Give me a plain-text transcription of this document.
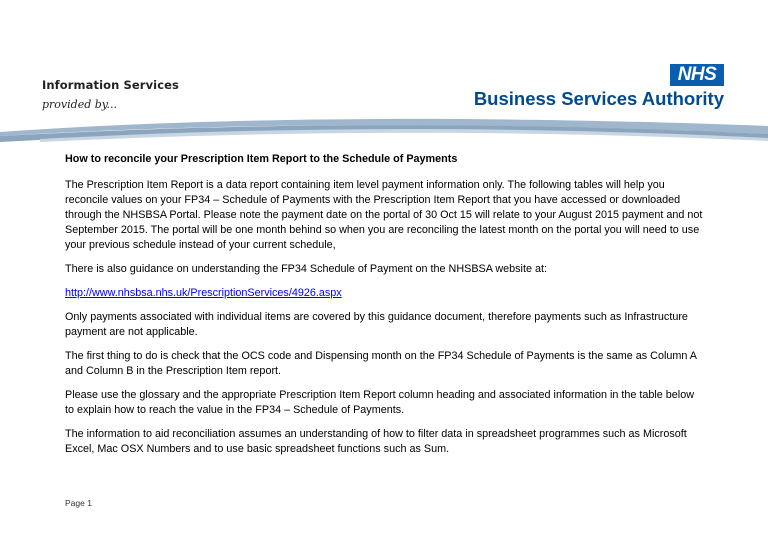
Information Services
provided by...
NHS
Business Services Authority

How to reconcile your Prescription Item Report to the Schedule of Payments

The Prescription Item Report is a data report containing item level payment information only. The following tables will help you reconcile values on your FP34 – Schedule of Payments with the Prescription Item Report that you have accessed or downloaded through the NHSBSA Portal. Please note the payment date on the portal of 30 Oct 15 will relate to your August 2015 payment and not September 2015. The portal will be one month behind so when you are reconciling the latest month on the portal you will need to use your previous schedule instead of your current schedule,

There is also guidance on understanding the FP34 Schedule of Payment on the NHSBSA website at:

http://www.nhsbsa.nhs.uk/PrescriptionServices/4926.aspx

Only payments associated with individual items are covered by this guidance document, therefore payments such as Infrastructure payment are not applicable.

The first thing to do is check that the OCS code and Dispensing month on the FP34 Schedule of Payments is the same as Column A and Column B in the Prescription Item report.

Please use the glossary and the appropriate Prescription Item Report column heading and associated information in the table below to explain how to reach the value in the FP34 – Schedule of Payments.

The information to aid reconciliation assumes an understanding of how to filter data in spreadsheet programmes such as Microsoft Excel, Mac OSX Numbers and to use basic spreadsheet functions such as Sum.

Page 1
